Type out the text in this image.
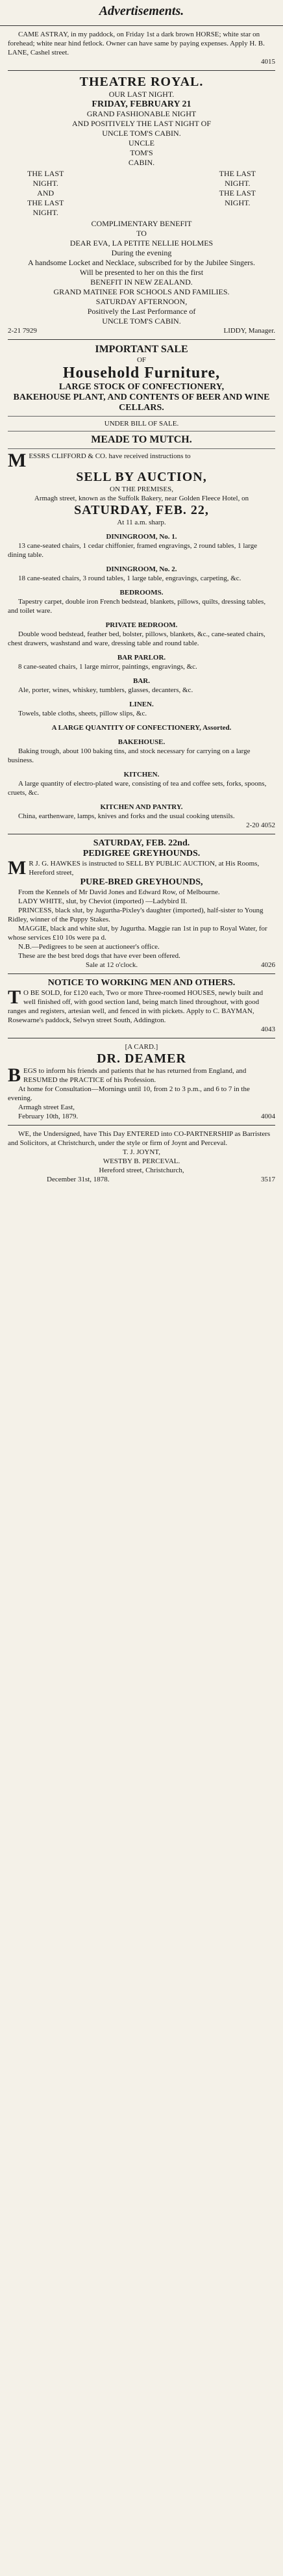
Advertisements.

CAME ASTRAY, in my paddock, on Friday 1st a dark brown HORSE; white star on forehead; white near hind fetlock. Owner can have same by paying expenses. Apply H. B. LANE, Cashel street.

4015

THEATRE ROYAL.

OUR LAST NIGHT.

FRIDAY, FEBRUARY 21

GRAND FASHIONABLE NIGHT

AND POSITIVELY THE LAST NIGHT OF

UNCLE TOM'S CABIN.

UNCLE

TOM'S

CABIN.

THE LAST

NIGHT.

AND

THE LAST

NIGHT.

THE LAST

NIGHT.

THE LAST

NIGHT.

COMPLIMENTARY BENEFIT

TO

DEAR EVA, LA PETITE NELLIE HOLMES

During the evening

A handsome Locket and Necklace, subscribed for by the Jubilee Singers.

Will be presented to her on this the first

BENEFIT IN NEW ZEALAND.

GRAND MATINEE FOR SCHOOLS AND FAMILIES.

SATURDAY AFTERNOON,

Positively the Last Performance of

UNCLE TOM'S CABIN.

2-21 7929	LIDDY, Manager.
IMPORTANT SALE
OF
Household Furniture,
LARGE STOCK OF CONFECTIONERY,
BAKEHOUSE PLANT, AND CONTENTS OF BEER AND WINE CELLARS.
UNDER BILL OF SALE.
MEADE TO MUTCH.

MESSRS CLIFFORD & CO. have received instructions to

SELL BY AUCTION,
ON THE PREMISES,

Armagh street, known as the Suffolk Bakery, near Golden Fleece Hotel, on

SATURDAY, FEB. 22,

At 11 a.m. sharp.

DININGROOM, No. 1.

13 cane-seated chairs, 1 cedar chiffonier, framed engravings, 2 round tables, 1 large dining table.

DININGROOM, No. 2.

18 cane-seated chairs, 3 round tables, 1 large table, engravings, carpeting, &c.

BEDROOMS.

Tapestry carpet, double iron French bedstead, blankets, pillows, quilts, dressing tables, and toilet ware.

PRIVATE BEDROOM.

Double wood bedstead, feather bed, bolster, pillows, blankets, &c., cane-seated chairs, chest drawers, washstand and ware, dressing table and round table.

BAR PARLOR.

8 cane-seated chairs, 1 large mirror, paintings, engravings, &c.

BAR.

Ale, porter, wines, whiskey, tumblers, glasses, decanters, &c.

LINEN.

Towels, table cloths, sheets, pillow slips, &c.

A LARGE QUANTITY OF CONFECTIONERY, Assorted.

BAKEHOUSE.

Baking trough, about 100 baking tins, and stock necessary for carrying on a large business.

KITCHEN.

A large quantity of electro-plated ware, consisting of tea and coffee sets, forks, spoons, cruets, &c.

KITCHEN AND PANTRY.

China, earthenware, lamps, knives and forks and the usual cooking utensils.

2-20 4052

SATURDAY, FEB. 22nd.
PEDIGREE GREYHOUNDS.

M R J. G. HAWKES is instructed to SELL BY PUBLIC AUCTION, at His Rooms, Hereford street,

PURE-BRED GREYHOUNDS,

From the Kennels of Mr David Jones and Edward Row, of Melbourne.

LADY WHITE, slut, by Cheviot (imported) —Ladybird II.

PRINCESS, black slut, by Jugurtha-Pixley's daughter (imported), half-sister to Young Ridley, winner of the Puppy Stakes.

MAGGIE, black and white slut, by Jugurtha. Maggie ran 1st in pup to Royal Water, for whose services £10 10s were pa d.

N.B.—Pedigrees to be seen at auctioneer's office.

These are the best bred dogs that have ever been offered.

Sale at 12 o'clock.	4026
NOTICE TO WORKING MEN AND OTHERS.

T O BE SOLD, for £120 each, Two or more Three-roomed HOUSES, newly built and well finished off, with good section land, being match lined throughout, with good ranges and registers, artesian well, and fenced in with pickets. Apply to C. BAYMAN, Rosewarne's paddock, Selwyn street South, Addington.

4043

[A CARD.]
DR. DEAMER

BEGS to inform his friends and patients that he has returned from England, and RESUMED the PRACTICE of his Profession.

At home for Consultation—Mornings until 10, from 2 to 3 p.m., and 6 to 7 in the evening.

Armagh street East,

February 10th, 1879.	4004

WE, the Undersigned, have This Day ENTERED into CO-PARTNERSHIP as Barristers and Solicitors, at Christchurch, under the style or firm of Joynt and Perceval.

T. J. JOYNT,

WESTBY B. PERCEVAL.

Hereford street, Christchurch,

December 31st, 1878.	3517
